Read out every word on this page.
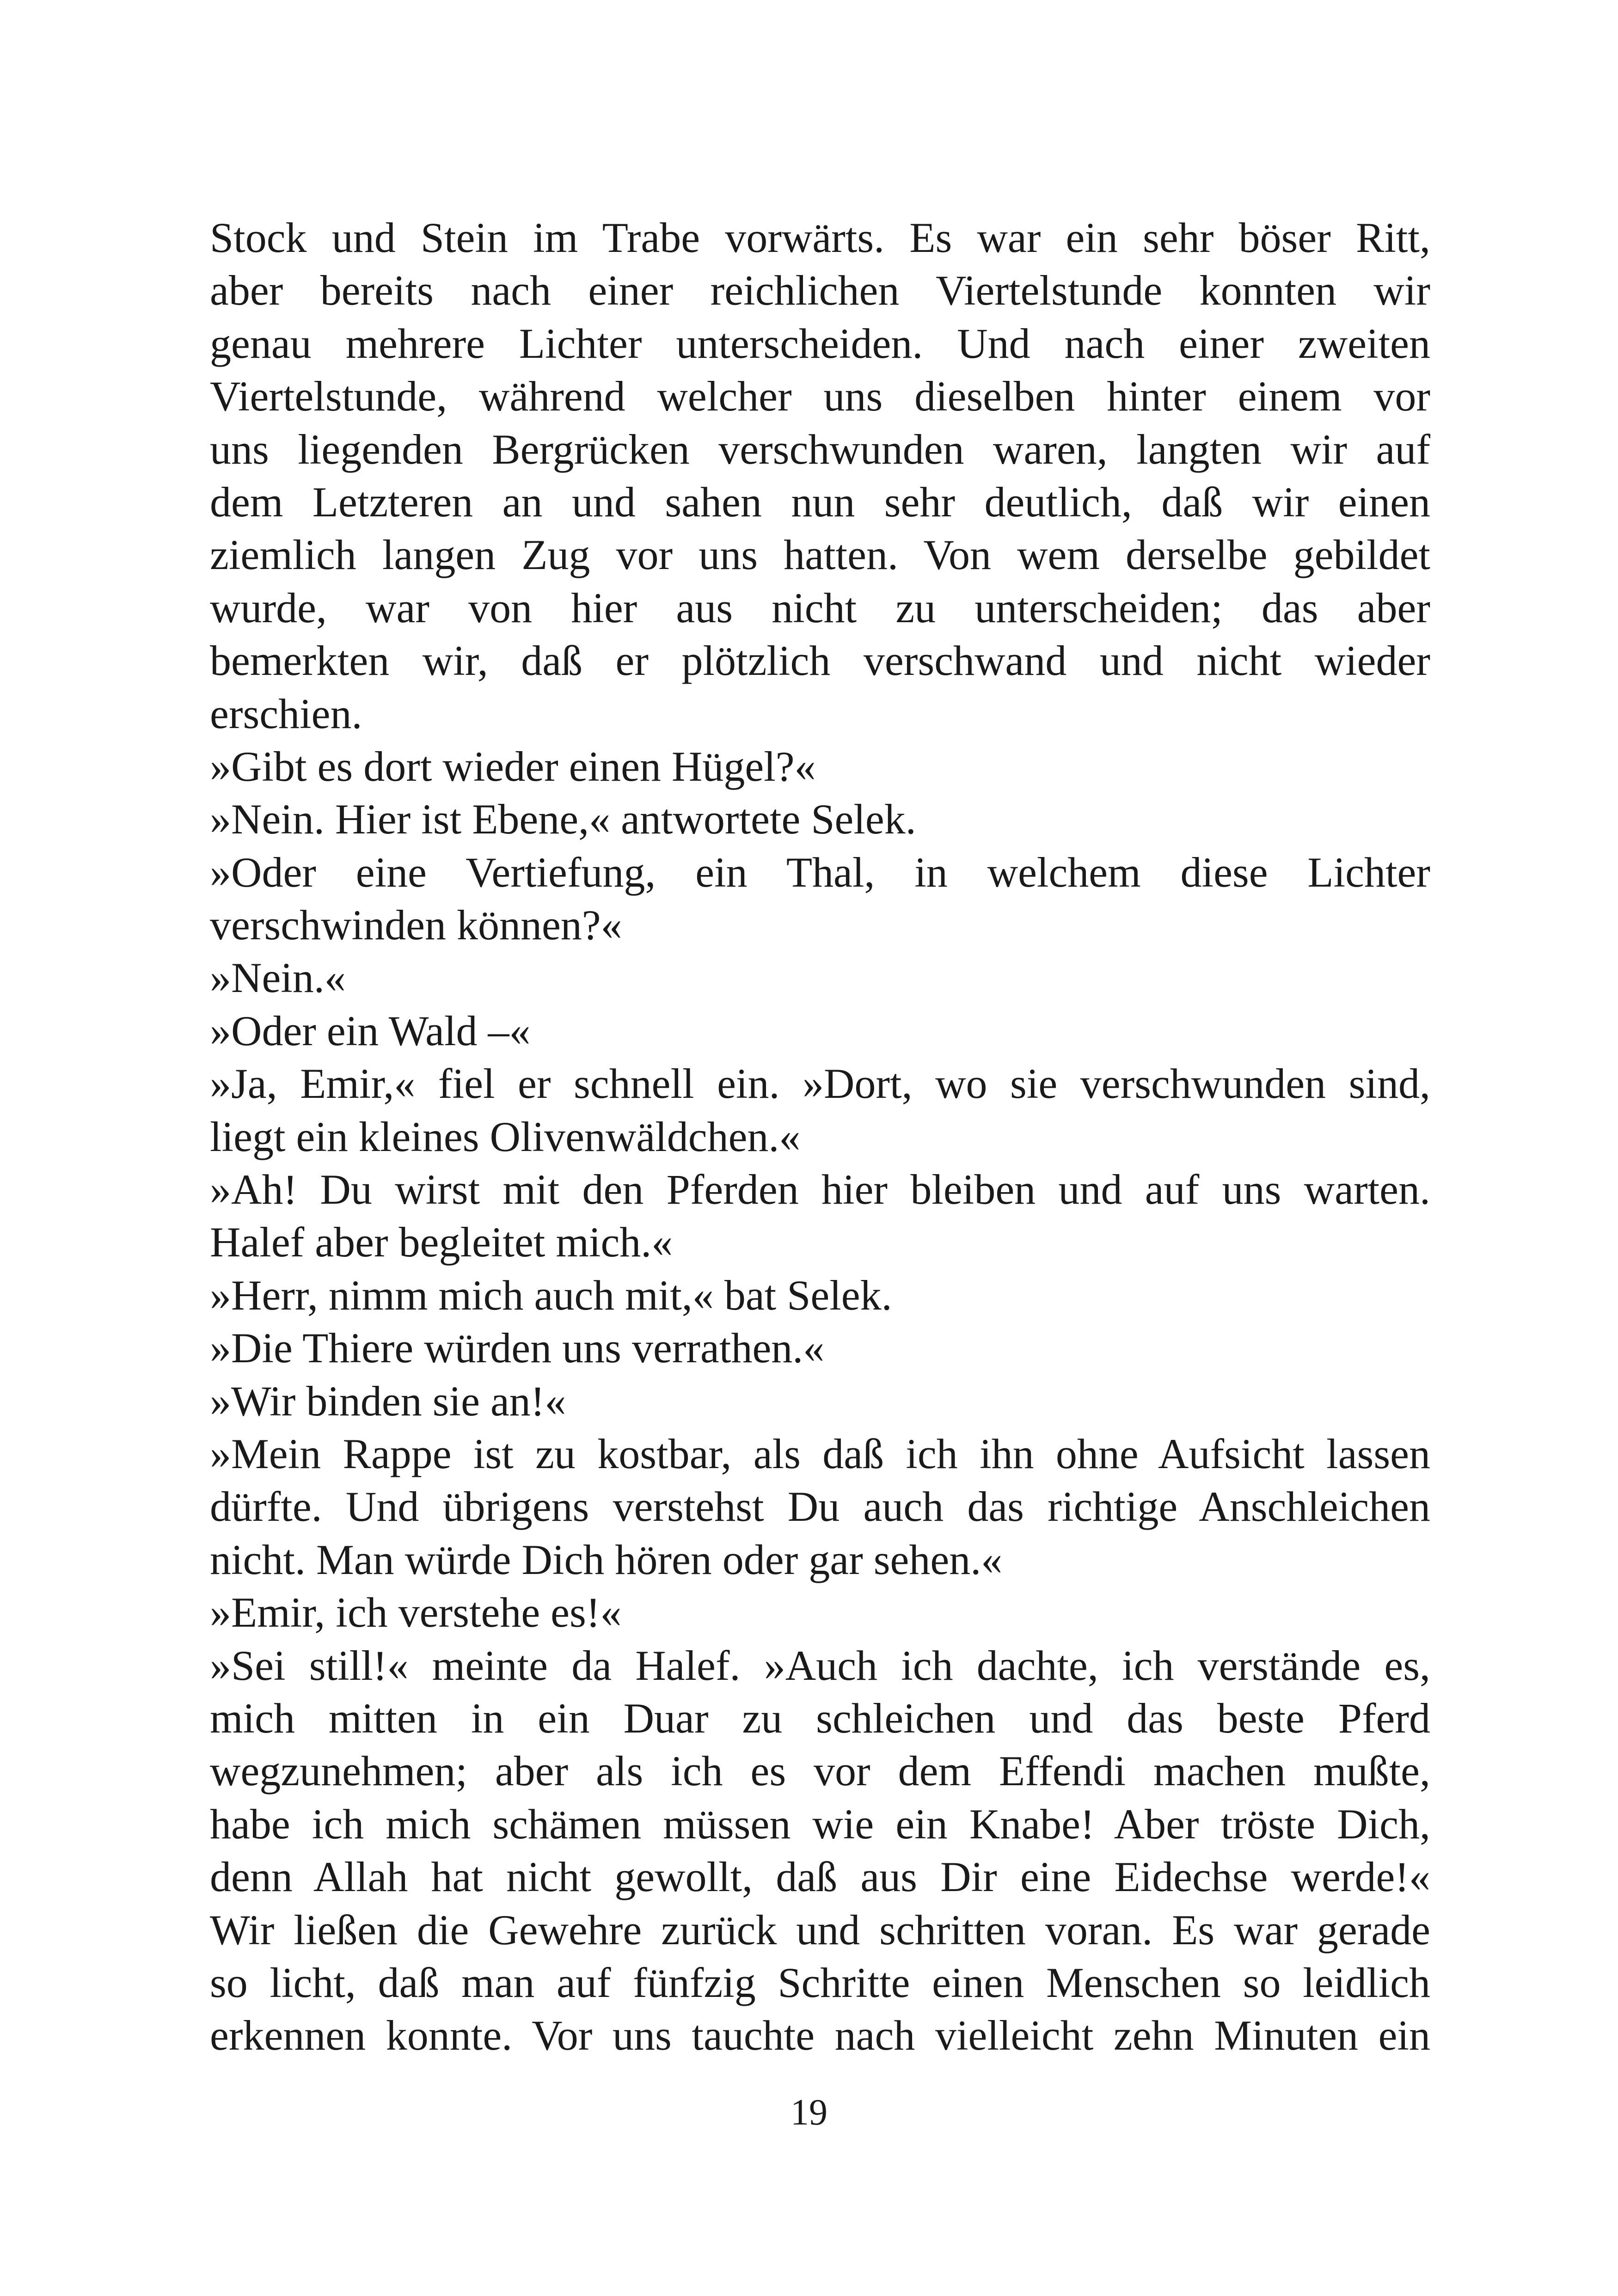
Stock und Stein im Trabe vorwärts. Es war ein sehr böser Ritt,
aber bereits nach einer reichlichen Viertelstunde konnten wir
genau mehrere Lichter unterscheiden. Und nach einer zweiten
Viertelstunde, während welcher uns dieselben hinter einem vor
uns liegenden Bergrücken verschwunden waren, langten wir auf
dem Letzteren an und sahen nun sehr deutlich, daß wir einen
ziemlich langen Zug vor uns hatten. Von wem derselbe gebildet
wurde, war von hier aus nicht zu unterscheiden; das aber
bemerkten wir, daß er plötzlich verschwand und nicht wieder
erschien.
»Gibt es dort wieder einen Hügel?«
»Nein. Hier ist Ebene,« antwortete Selek.
»Oder eine Vertiefung, ein Thal, in welchem diese Lichter
verschwinden können?«
»Nein.«
»Oder ein Wald –«
»Ja, Emir,« fiel er schnell ein. »Dort, wo sie verschwunden sind,
liegt ein kleines Olivenwäldchen.«
»Ah! Du wirst mit den Pferden hier bleiben und auf uns warten.
Halef aber begleitet mich.«
»Herr, nimm mich auch mit,« bat Selek.
»Die Thiere würden uns verrathen.«
»Wir binden sie an!«
»Mein Rappe ist zu kostbar, als daß ich ihn ohne Aufsicht lassen
dürfte. Und übrigens verstehst Du auch das richtige Anschleichen
nicht. Man würde Dich hören oder gar sehen.«
»Emir, ich verstehe es!«
»Sei still!« meinte da Halef. »Auch ich dachte, ich verstände es,
mich mitten in ein Duar zu schleichen und das beste Pferd
wegzunehmen; aber als ich es vor dem Effendi machen mußte,
habe ich mich schämen müssen wie ein Knabe! Aber tröste Dich,
denn Allah hat nicht gewollt, daß aus Dir eine Eidechse werde!«
Wir ließen die Gewehre zurück und schritten voran. Es war gerade
so licht, daß man auf fünfzig Schritte einen Menschen so leidlich
erkennen konnte. Vor uns tauchte nach vielleicht zehn Minuten ein
19
